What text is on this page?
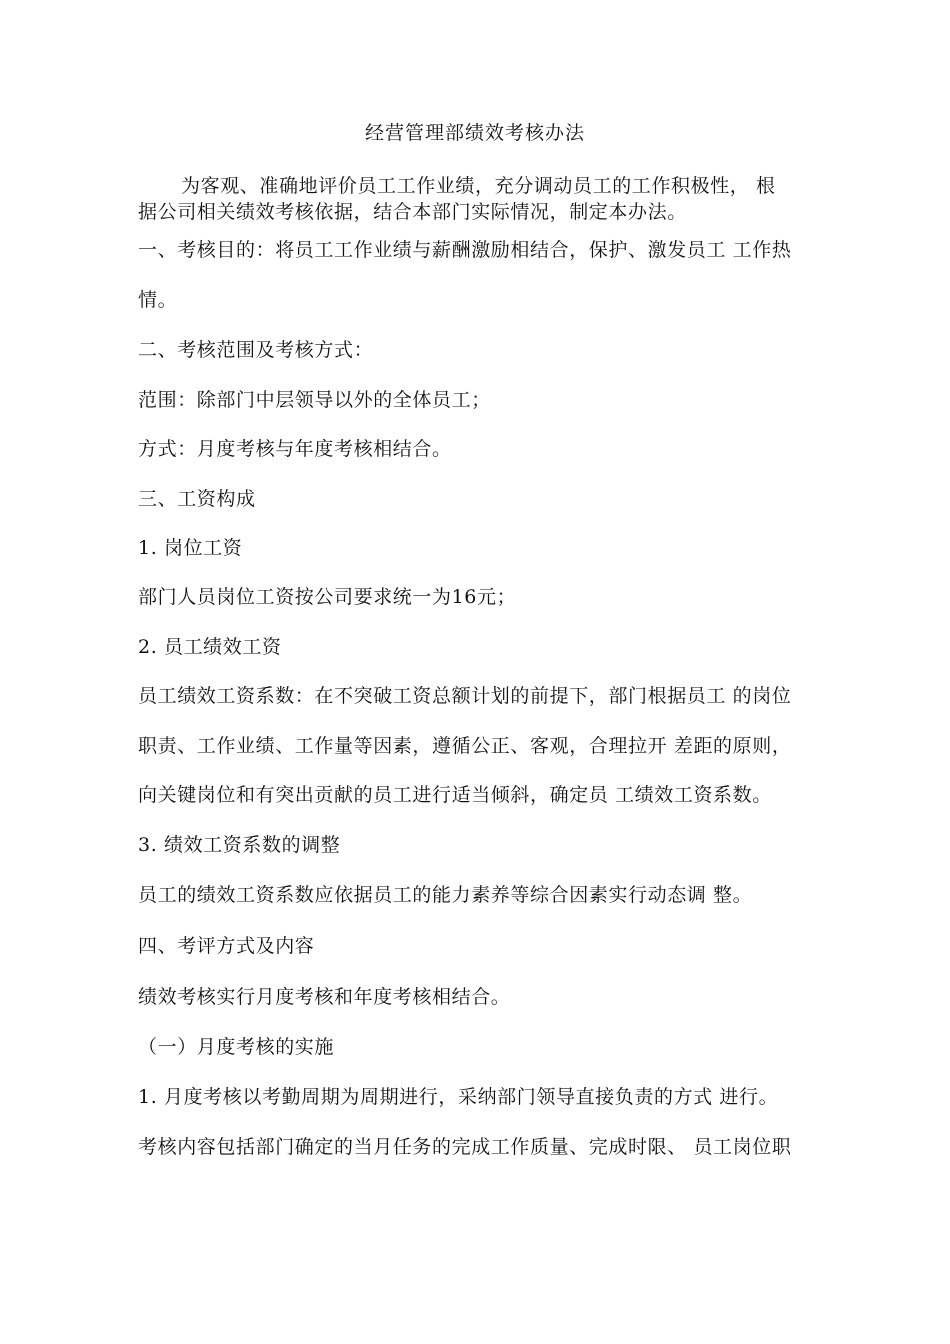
经营管理部绩效考核办法
为客观、准确地评价员工工作业绩，充分调动员工的工作积极性， 根
据公司相关绩效考核依据，结合本部门实际情况，制定本办法。
一、考核目的：将员工工作业绩与薪酬激励相结合，保护、激发员工 工作热
情。
二、考核范围及考核方式：
范围：除部门中层领导以外的全体员工；
方式：月度考核与年度考核相结合。
三、工资构成
1. 岗位工资
部门人员岗位工资按公司要求统一为16元；
2. 员工绩效工资
员工绩效工资系数：在不突破工资总额计划的前提下，部门根据员工 的岗位
职责、工作业绩、工作量等因素，遵循公正、客观，合理拉开 差距的原则，
向关键岗位和有突出贡献的员工进行适当倾斜，确定员 工绩效工资系数。
3. 绩效工资系数的调整
员工的绩效工资系数应依据员工的能力素养等综合因素实行动态调 整。
四、考评方式及内容
绩效考核实行月度考核和年度考核相结合。
（一）月度考核的实施
1. 月度考核以考勤周期为周期进行，采纳部门领导直接负责的方式 进行。
考核内容包括部门确定的当月任务的完成工作质量、完成时限、 员工岗位职
